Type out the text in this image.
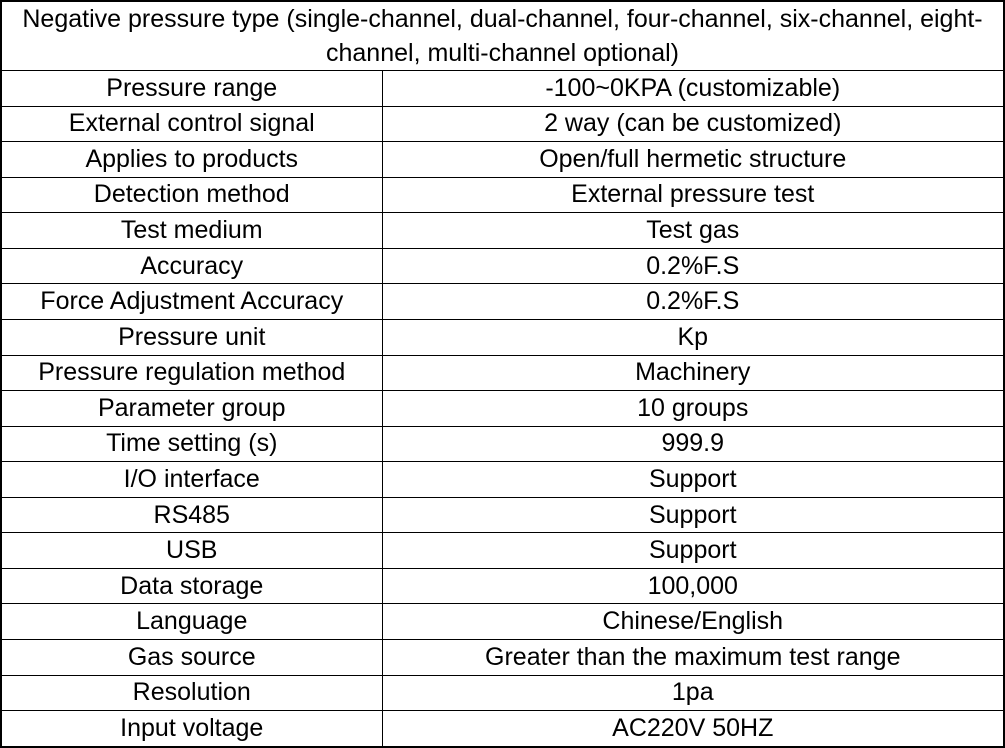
Negative pressure type (single-channel, dual-channel, four-channel, six-channel, eight-channel, multi-channel optional)	
Pressure range	-100~0KPA (customizable)
External control signal	2 way (can be customized)
Applies to products	Open/full hermetic structure
Detection method	External pressure test
Test medium	Test gas
Accuracy	0.2%F.S
Force Adjustment Accuracy	0.2%F.S
Pressure unit	Kp
Pressure regulation method	Machinery
Parameter group	10 groups
Time setting (s)	999.9
I/O interface	Support
RS485	Support
USB	Support
Data storage	100,000
Language	Chinese/English
Gas source	Greater than the maximum test range
Resolution	1pa
Input voltage	AC220V 50HZ
